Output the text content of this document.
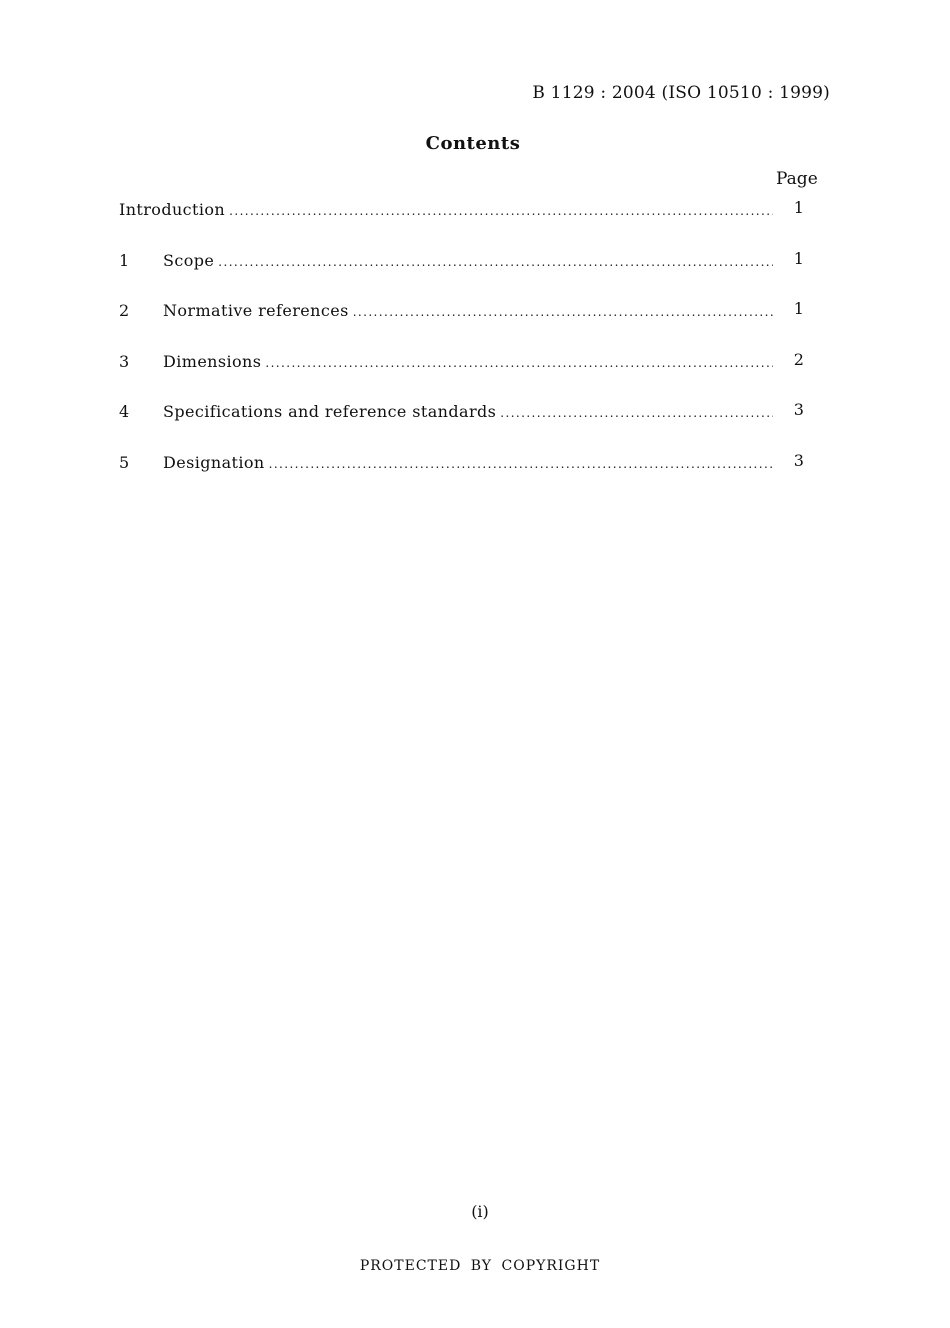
B 1129 : 2004 (ISO 10510 : 1999)
Contents
Page
Introduction .....	1
1	Scope .....	1
2	Normative references .....	1
3	Dimensions .....	2
4	Specifications and reference standards .....	3
5	Designation .....	3
(i)
PROTECTED BY COPYRIGHT
